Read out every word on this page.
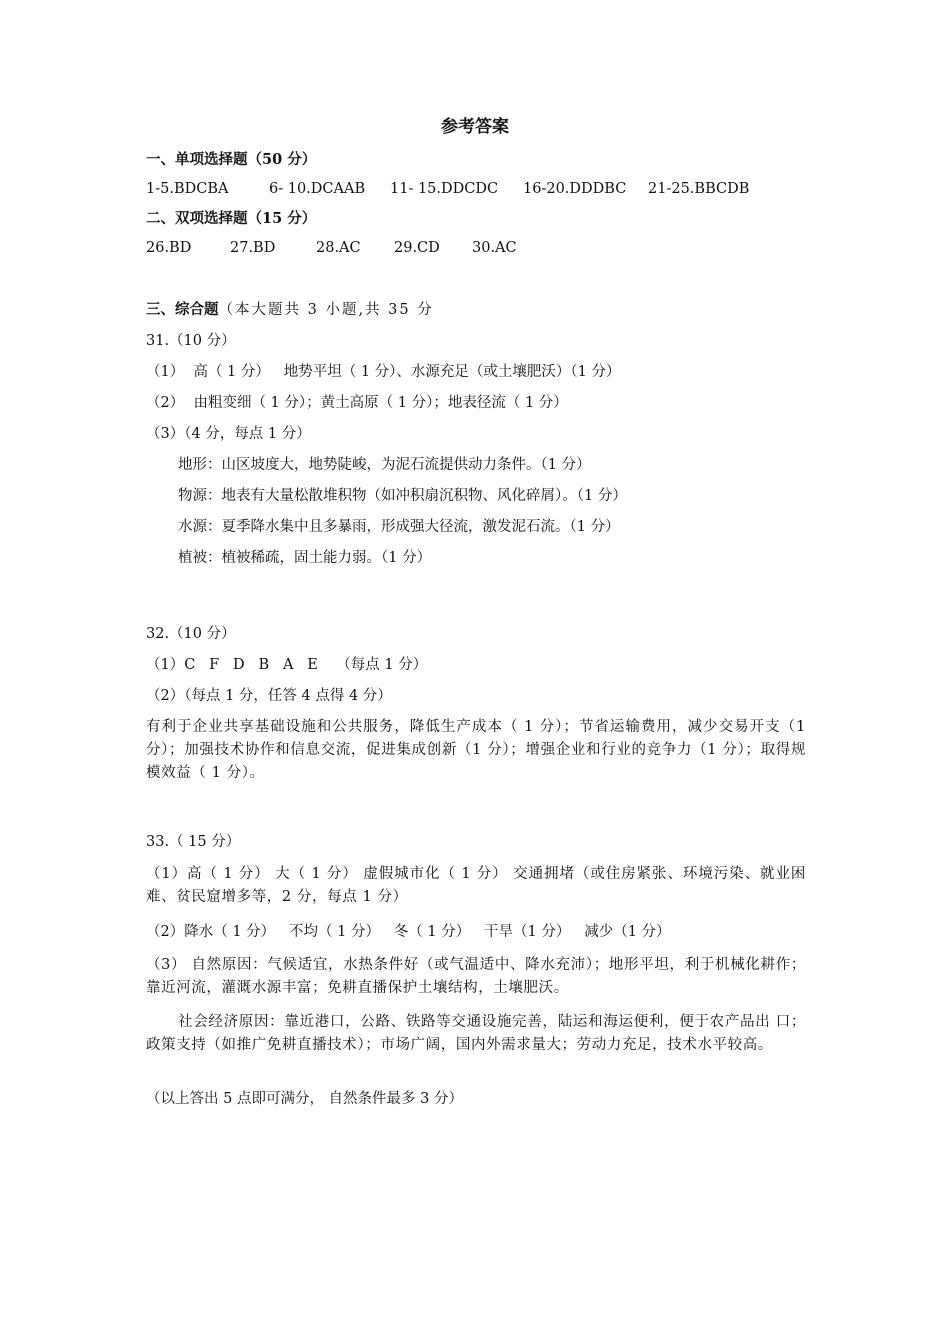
参考答案
一、单项选择题（50 分）

1-5.BDCBA

	6- 10.DCAAB

11- 15.DDCDC

16-20.DDDBC

21-25.BBCDB

二、双项选择题（15 分）

26.BD

	27.BD

	28.AC

29.CD

30.AC

三、综合题（本大题共 3 小题,共 35 分
31.（10 分）
（1）  高（ 1 分）   地势平坦（ 1 分）、水源充足（或土壤肥沃）（1 分）
（2）  由粗变细（ 1 分）；黄土高原（ 1 分）；地表径流（ 1 分）
（3）（4 分，每点 1 分）
地形：山区坡度大，地势陡峻，为泥石流提供动力条件。（1 分）
物源：地表有大量松散堆积物（如冲积扇沉积物、风化碎屑）。（1 分）
水源：夏季降水集中且多暴雨，形成强大径流，激发泥石流。（1 分）
植被：植被稀疏，固土能力弱。（1 分）
32.（10 分）
（1）C   F   D   B   A   E    （每点 1 分）
（2）（每点 1 分，任答 4 点得 4 分）
有利于企业共享基础设施和公共服务，降低生产成本（ 1 分）；节省运输费用，减少交易开支（1 分）；加强技术协作和信息交流，促进集成创新（1 分）；增强企业和行业的竞争力（1 分）；取得规模效益（ 1 分）。
33.（ 15 分）
（1）高（ 1 分） 大（ 1 分） 虚假城市化（ 1 分） 交通拥堵（或住房紧张、环境污染、就业困难、贫民窟增多等，2 分，每点 1 分）
（2）降水（ 1 分）   不均（ 1 分）   冬（ 1 分）   干旱（1 分）   减少（1 分）
（3） 自然原因：气候适宜，水热条件好（或气温适中、降水充沛）；地形平坦，利于机械化耕作；靠近河流，灌溉水源丰富；免耕直播保护土壤结构，土壤肥沃。
社会经济原因：靠近港口，公路、铁路等交通设施完善，陆运和海运便利，便于农产品出 口；政策支持（如推广免耕直播技术）；市场广阔，国内外需求量大；劳动力充足，技术水平较高。
（以上答出 5 点即可满分， 自然条件最多 3 分）
